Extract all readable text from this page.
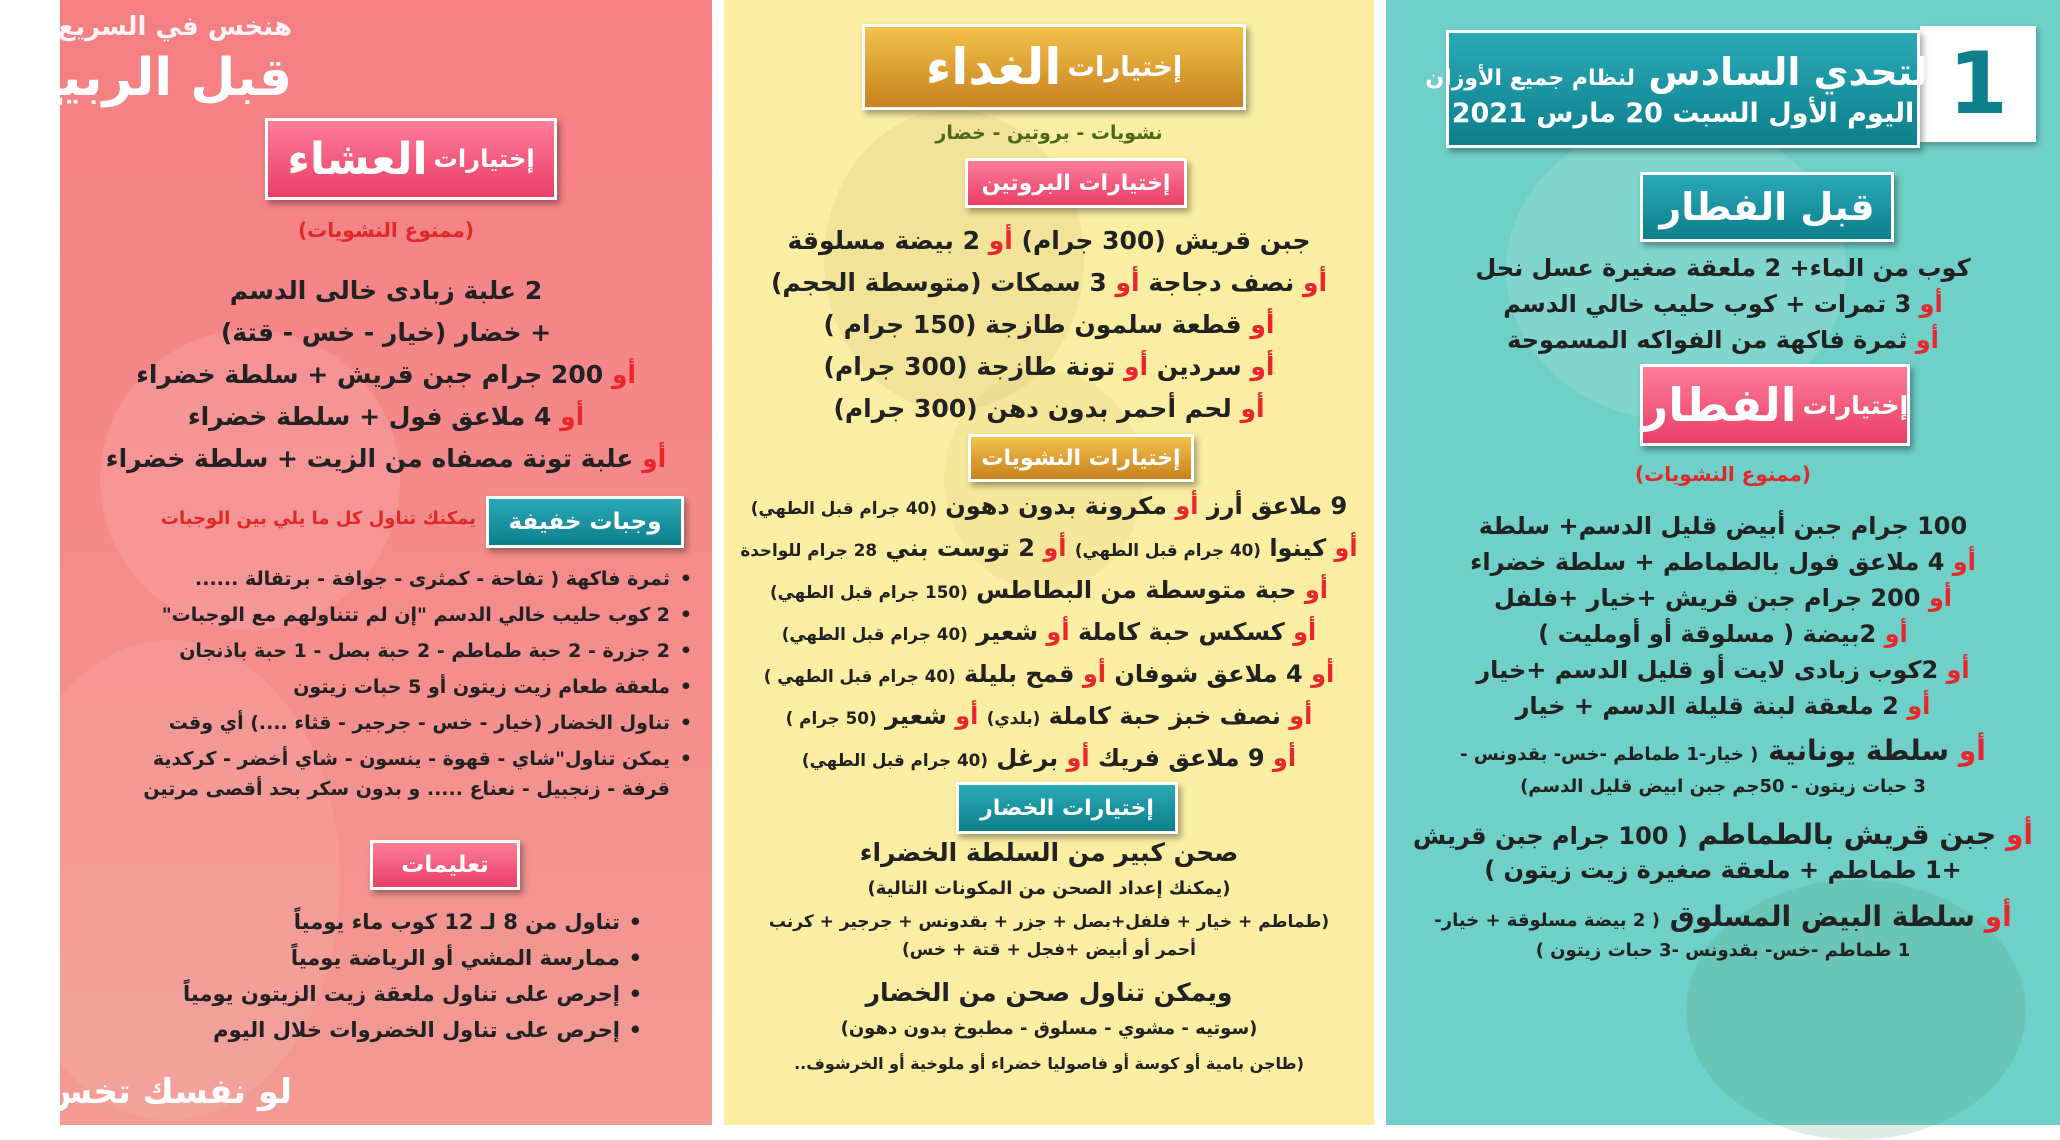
هنخس في السريع
قبل الربيع
إختيارات
العشاء
(ممنوع النشويات)
2 علبة زبادى خالى الدسم
+ خضار (خيار - خس - قتة)
أو 200 جرام جبن قريش + سلطة خضراء
أو 4 ملاعق فول + سلطة خضراء
أو علبة تونة مصفاه من الزيت + سلطة خضراء
وجبات خفيفة
يمكنك تناول كل ما يلي بين الوجبات
• ثمرة فاكهة ( تفاحة - كمثرى - جوافة - برتقالة ......
• 2 كوب حليب خالي الدسم "إن لم تتناولهم مع الوجبات"
• 2 جزرة - 2 حبة طماطم - 2 حبة بصل - 1 حبة باذنجان
• ملعقة طعام زيت زيتون أو 5 حبات زيتون
• تناول الخضار (خيار - خس - جرجير - قثاء ....) أي وقت
• يمكن تناول"شاي - قهوة - ينسون - شاي أخضر - كركدية
قرفة - زنجبيل - نعناع ..... و بدون سكر بحد أقصى مرتين
تعليمات
• تناول من 8 لـ 12 كوب ماء يومياً
• ممارسة المشي أو الرياضة يومياً
• إحرص على تناول ملعقة زيت الزيتون يومياً
• إحرص على تناول الخضروات خلال اليوم
لو نفسك تخس
إختيارات
الغداء
نشويات - بروتين - خضار
إختيارات البروتين
جبن قريش (300 جرام) أو 2 بيضة مسلوقة
أو نصف دجاجة أو 3 سمكات (متوسطة الحجم)
أو قطعة سلمون طازجة (150 جرام )
أو سردين أو تونة طازجة (300 جرام)
أو لحم أحمر بدون دهن (300 جرام)
إختيارات النشويات
9 ملاعق أرز أو مكرونة بدون دهون (40 جرام قبل الطهي)
أو كينوا (40 جرام قبل الطهي) أو 2 توست بني 28 جرام للواحدة
أو حبة متوسطة من البطاطس (150 جرام قبل الطهي)
أو كسكس حبة كاملة أو شعير (40 جرام قبل الطهي)
أو 4 ملاعق شوفان أو قمح بليلة (40 جرام قبل الطهي )
أو نصف خبز حبة كاملة (بلدي) أو شعير (50 جرام )
أو 9 ملاعق فريك أو برغل (40 جرام قبل الطهي)
إختيارات الخضار
صحن كبير من السلطة الخضراء
(يمكنك إعداد الصحن من المكونات التالية)
(طماطم + خيار + فلفل+بصل + جزر + بقدونس + جرجير + كرنب
أحمر أو أبيض +فجل + قتة + خس)
ويمكن تناول صحن من الخضار
(سوتيه - مشوي - مسلوق - مطبوخ بدون دهون)
(طاجن بامية أو كوسة أو فاصوليا خضراء أو ملوخية أو الخرشوف..
1
التحدي السادس لنظام جميع الأوزان
اليوم الأول السبت 20 مارس 2021
قبل الفطار
كوب من الماء+ 2 ملعقة صغيرة عسل نحل
أو 3 تمرات + كوب حليب خالي الدسم
أو ثمرة فاكهة من الفواكه المسموحة
إختيارات
الفطار
(ممنوع النشويات)
100 جرام جبن أبيض قليل الدسم+ سلطة
أو 4 ملاعق فول بالطماطم + سلطة خضراء
أو 200 جرام جبن قريش +خيار +فلفل
أو 2بيضة ( مسلوقة أو أومليت )
أو 2كوب زبادى لايت أو قليل الدسم +خيار
أو 2 ملعقة لبنة قليلة الدسم + خيار
أو سلطة يونانية ( خيار-1 طماطم -خس- بقدونس -
3 حبات زيتون - 50جم جبن ابيض قليل الدسم)
أو جبن قريش بالطماطم ( 100 جرام جبن قريش
+1 طماطم + ملعقة صغيرة زيت زيتون )
أو سلطة البيض المسلوق ( 2 بيضة مسلوقة + خيار-
1 طماطم -خس- بقدونس -3 حبات زيتون )
